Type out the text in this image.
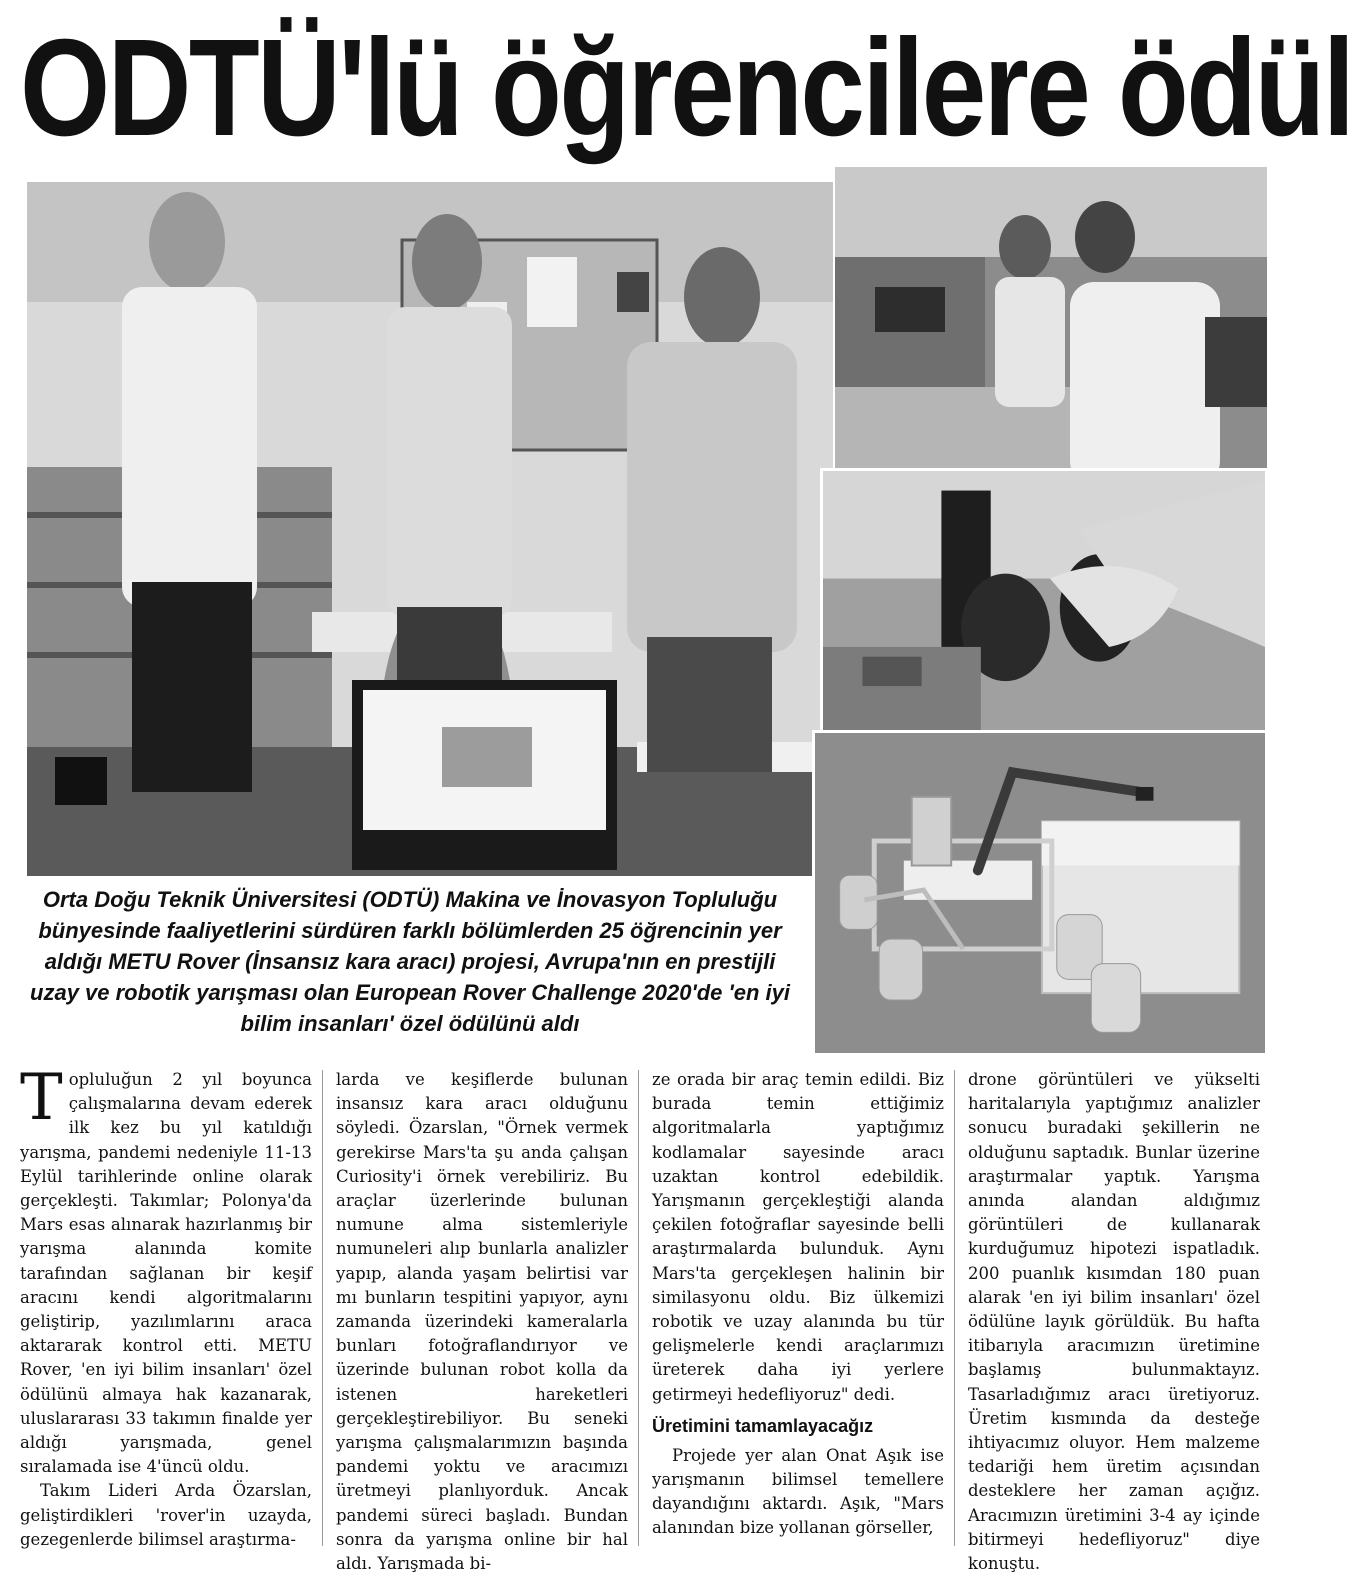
ODTÜ'lü öğrencilere ödül
Orta Doğu Teknik Üniversitesi (ODTÜ) Makina ve İnovasyon Topluluğu bünyesinde faaliyetlerini sürdüren farklı bölümlerden 25 öğrencinin yer aldığı METU Rover (İnsansız kara aracı) projesi, Avrupa'nın en prestijli uzay ve robotik yarışması olan European Rover Challenge 2020'de 'en iyi bilim insanları' özel ödülünü aldı

Topluluğun 2 yıl boyunca çalışmalarına devam ederek ilk kez bu yıl katıldığı yarışma, pandemi nedeniyle 11-13 Eylül tarihlerinde online olarak gerçekleşti. Takımlar; Polonya'da Mars esas alınarak hazırlanmış bir yarışma alanında komite tarafından sağlanan bir keşif aracını kendi algoritmalarını geliştirip, yazılımlarını araca aktararak kontrol etti. METU Rover, 'en iyi bilim insanları' özel ödülünü almaya hak kazanarak, uluslararası 33 takımın finalde yer aldığı yarışmada, genel sıralamada ise 4'üncü oldu.

Takım Lideri Arda Özarslan, geliştirdikleri 'rover'in uzayda, gezegenlerde bilimsel araştırma-

larda ve keşiflerde bulunan insansız kara aracı olduğunu söyledi. Özarslan, "Örnek vermek gerekirse Mars'ta şu anda çalışan Curiosity'i örnek verebiliriz. Bu araçlar üzerlerinde bulunan numune alma sistemleriyle numuneleri alıp bunlarla analizler yapıp, alanda yaşam belirtisi var mı bunların tespitini yapıyor, aynı zamanda üzerindeki kameralarla bunları fotoğraflandırıyor ve üzerinde bulunan robot kolla da istenen hareketleri gerçekleştirebiliyor. Bu seneki yarışma çalışmalarımızın başında pandemi yoktu ve aracımızı üretmeyi planlıyorduk. Ancak pandemi süreci başladı. Bundan sonra da yarışma online bir hal aldı. Yarışmada bi-

ze orada bir araç temin edildi. Biz burada temin ettiğimiz algoritmalarla yaptığımız kodlamalar sayesinde aracı uzaktan kontrol edebildik. Yarışmanın gerçekleştiği alanda çekilen fotoğraflar sayesinde belli araştırmalarda bulunduk. Aynı Mars'ta gerçekleşen halinin bir similasyonu oldu. Biz ülkemizi robotik ve uzay alanında bu tür gelişmelerle kendi araçlarımızı üreterek daha iyi yerlere getirmeyi hedefliyoruz" dedi.

Üretimini tamamlayacağız

Projede yer alan Onat Aşık ise yarışmanın bilimsel temellere dayandığını aktardı. Aşık, "Mars alanından bize yollanan görseller,

drone görüntüleri ve yükselti haritalarıyla yaptığımız analizler sonucu buradaki şekillerin ne olduğunu saptadık. Bunlar üzerine araştırmalar yaptık. Yarışma anında alandan aldığımız görüntüleri de kullanarak kurduğumuz hipotezi ispatladık. 200 puanlık kısımdan 180 puan alarak 'en iyi bilim insanları' özel ödülüne layık görüldük. Bu hafta itibarıyla aracımızın üretimine başlamış bulunmaktayız. Tasarladığımız aracı üretiyoruz. Üretim kısmında da desteğe ihtiyacımız oluyor. Hem malzeme tedariği hem üretim açısından desteklere her zaman açığız. Aracımızın üretimini 3-4 ay içinde bitirmeyi hedefliyoruz" diye konuştu.
